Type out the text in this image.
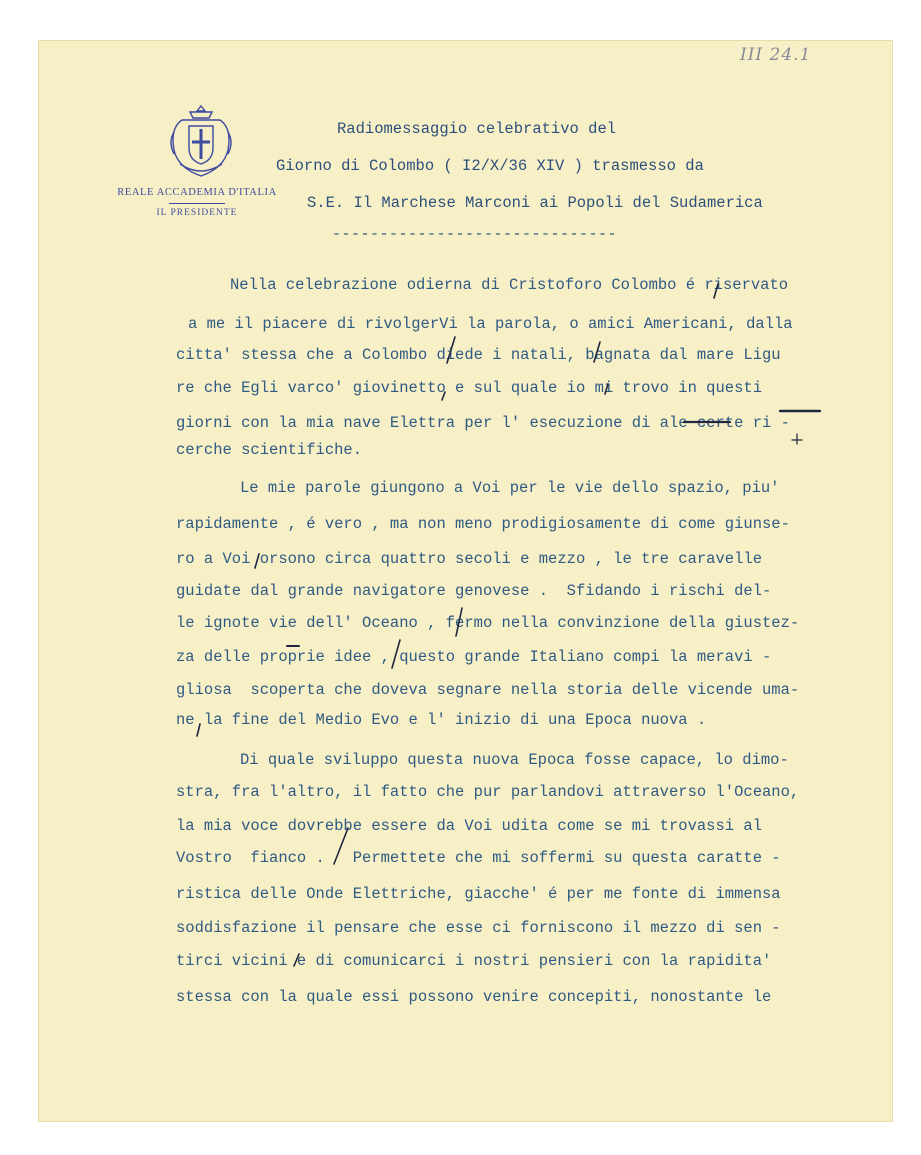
III 24.1
REALE ACCADEMIA D'ITALIA
IL PRESIDENTE
Radiomessaggio celebrativo del
Giorno di Colombo ( I2/X/36 XIV ) trasmesso da
S.E. Il Marchese Marconi ai Popoli del Sudamerica
------------------------------
Nella celebrazione odierna di Cristoforo Colombo é riservato
a me il piacere di rivolgerVi la parola, o amici Americani, dalla
citta' stessa che a Colombo diede i natali, bagnata dal mare Ligu
re che Egli varco' giovinetto e sul quale io mi trovo in questi
giorni con la mia nave Elettra per l' esecuzione di ale certe ri -
cerche scientifiche.
Le mie parole giungono a Voi per le vie dello spazio, piu'
rapidamente , é vero , ma non meno prodigiosamente di come giunse-
ro a Voi orsono circa quattro secoli e mezzo , le tre caravelle
guidate dal grande navigatore genovese .  Sfidando i rischi del-
le ignote vie dell' Oceano , fermo nella convinzione della giustez-
za delle proprie idee , questo grande Italiano compi la meravi -
gliosa  scoperta che doveva segnare nella storia delle vicende uma-
ne la fine del Medio Evo e l' inizio di una Epoca nuova .
Di quale sviluppo questa nuova Epoca fosse capace, lo dimo-
stra, fra l'altro, il fatto che pur parlandovi attraverso l'Oceano,
la mia voce dovrebbe essere da Voi udita come se mi trovassi al
Vostro  fianco .   Permettete che mi soffermi su questa caratte -
ristica delle Onde Elettriche, giacche' é per me fonte di immensa
soddisfazione il pensare che esse ci forniscono il mezzo di sen -
tirci vicini e di comunicarci i nostri pensieri con la rapidita'
stessa con la quale essi possono venire concepiti, nonostante le
